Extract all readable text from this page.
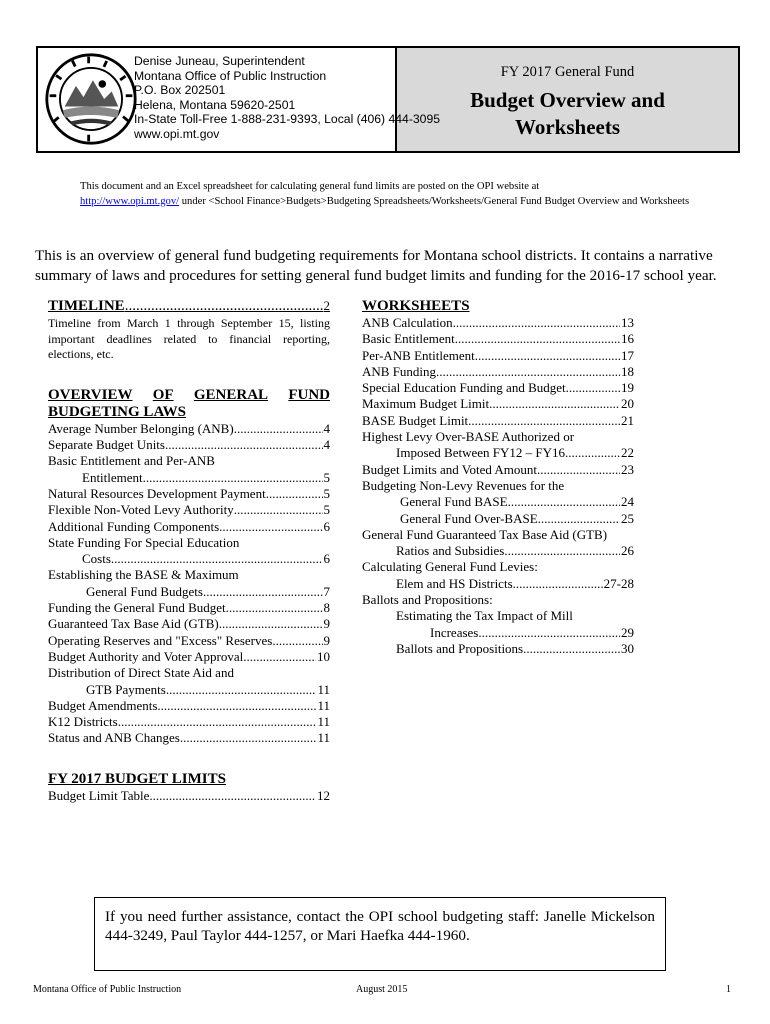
Denise Juneau, Superintendent
Montana Office of Public Instruction
P.O. Box 202501
Helena, Montana 59620-2501
In-State Toll-Free 1-888-231-9393, Local (406) 444-3095
www.opi.mt.gov
FY 2017 General Fund
Budget Overview and
Worksheets
This document and an Excel spreadsheet for calculating general fund limits are posted on the OPI website at
http://www.opi.mt.gov/ under <School Finance>Budgets>Budgeting Spreadsheets/Worksheets/General Fund Budget Overview and Worksheets
This is an overview of general fund budgeting requirements for Montana school districts. It contains a narrative summary of laws and procedures for setting general fund budget limits and funding for the 2016-17 school year.
TIMELINE .....	2
Timeline from March 1 through September 15, listing important deadlines related to financial reporting, elections, etc.
OVERVIEW OF GENERAL FUND
BUDGETING LAWS
Average Number Belonging (ANB) .....	4
Separate Budget Units .....	4
Basic Entitlement and Per-ANB
Entitlement .....	5
Natural Resources Development Payment .....	5
Flexible Non-Voted Levy Authority .....	5
Additional Funding Components .....	6
State Funding For Special Education
Costs .....	6
Establishing the BASE & Maximum
General Fund Budgets .....	7
Funding the General Fund Budget .....	8
Guaranteed Tax Base Aid (GTB) .....	9
Operating Reserves and "Excess" Reserves .....	9
Budget Authority and Voter Approval .....	10
Distribution of Direct State Aid and
GTB Payments .....	11
Budget Amendments .....	11
K12 Districts .....	11
Status and ANB Changes .....	11
FY 2017 BUDGET LIMITS
Budget Limit Table .....	12
WORKSHEETS
ANB Calculation .....	13
Basic Entitlement .....	16
Per-ANB Entitlement .....	17
ANB Funding .....	18
Special Education Funding and Budget .....	19
Maximum Budget Limit .....	20
BASE Budget Limit .....	21
Highest Levy Over-BASE Authorized or
Imposed Between FY12 – FY16 .....	22
Budget Limits and Voted Amount .....	23
Budgeting Non-Levy Revenues for the
General Fund BASE .....	24
General Fund Over-BASE .....	25
General Fund Guaranteed Tax Base Aid (GTB)
Ratios and Subsidies .....	26
Calculating General Fund Levies:
Elem and HS Districts .....	27-28
Ballots and Propositions:
Estimating the Tax Impact of Mill
Increases .....	29
Ballots and Propositions .....	30
If you need further assistance, contact the OPI school budgeting staff: Janelle Mickelson 444-3249, Paul Taylor 444-1257, or Mari Haefka 444-1960.
Montana Office of Public Instruction	August 2015	1
